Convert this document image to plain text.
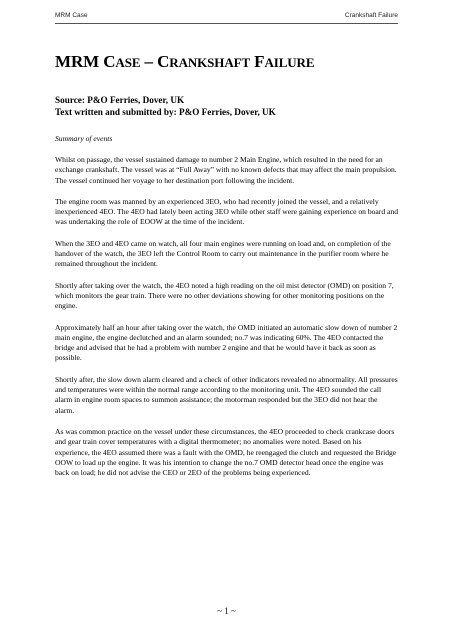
MRM Case	Crankshaft Failure
MRM CASE – CRANKSHAFT FAILURE

Source: P&O Ferries, Dover, UK

Text written and submitted by: P&O Ferries, Dover, UK

Summary of events

Whilst on passage, the vessel sustained damage to number 2 Main Engine, which resulted in the need for an exchange crankshaft. The vessel was at “Full Away” with no known defects that may affect the main propulsion. The vessel continued her voyage to her destination port following the incident.

The engine room was manned by an experienced 3EO, who had recently joined the vessel, and a relatively inexperienced 4EO. The 4EO had lately been acting 3EO while other staff were gaining experience on board and was undertaking the role of EOOW at the time of the incident.

When the 3EO and 4EO came on watch, all four main engines were running on load and, on completion of the handover of the watch, the 3EO left the Control Room to carry out maintenance in the purifier room where he remained throughout the incident.

Shortly after taking over the watch, the 4EO noted a high reading on the oil mist detector (OMD) on position 7, which monitors the gear train. There were no other deviations showing for other monitoring positions on the engine.

Approximately half an hour after taking over the watch, the OMD initiated an automatic slow down of number 2 main engine, the engine declutched and an alarm sounded; no.7 was indicating 60%. The 4EO contacted the bridge and advised that he had a problem with number 2 engine and that he would have it back as soon as possible.

Shortly after, the slow down alarm cleared and a check of other indicators revealed no abnormality. All pressures and temperatures were within the normal range according to the monitoring unit. The 4EO sounded the call alarm in engine room spaces to summon assistance; the motorman responded but the 3EO did not hear the alarm.

As was common practice on the vessel under these circumstances, the 4EO proceeded to check crankcase doors and gear train cover temperatures with a digital thermometer; no anomalies were noted. Based on his experience, the 4EO assumed there was a fault with the OMD, he reengaged the clutch and requested the Bridge OOW to load up the engine. It was his intention to change the no.7 OMD detector head once the engine was back on load; he did not advise the CEO or 2EO of the problems being experienced.

~ 1 ~
